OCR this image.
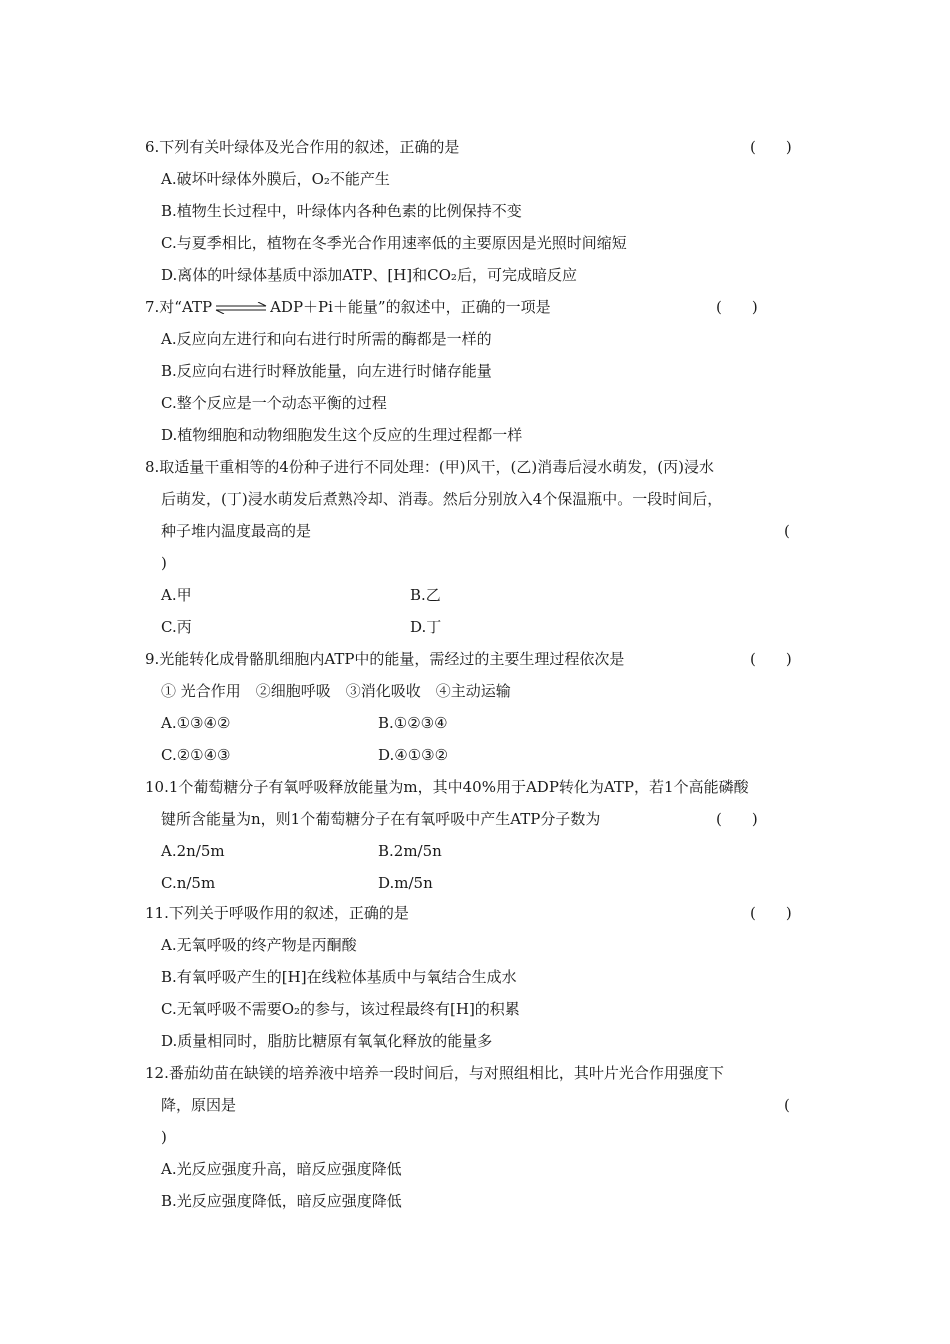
6.下列有关叶绿体及光合作用的叙述，正确的是	(　　)
A.破坏叶绿体外膜后，O₂不能产生
B.植物生长过程中，叶绿体内各种色素的比例保持不变
C.与夏季相比，植物在冬季光合作用速率低的主要原因是光照时间缩短
D.离体的叶绿体基质中添加ATP、[H]和CO₂后，可完成暗反应
7.对“ATP	ADP＋Pi＋能量”的叙述中，正确的一项是	(　　)
A.反应向左进行和向右进行时所需的酶都是一样的
B.反应向右进行时释放能量，向左进行时储存能量
C.整个反应是一个动态平衡的过程
D.植物细胞和动物细胞发生这个反应的生理过程都一样
8.取适量干重相等的4份种子进行不同处理：(甲)风干，(乙)消毒后浸水萌发，(丙)浸水
后萌发，(丁)浸水萌发后煮熟冷却、消毒。然后分别放入4个保温瓶中。一段时间后，
种子堆内温度最高的是	(
)
A.甲	B.乙
C.丙	D.丁
9.光能转化成骨骼肌细胞内ATP中的能量，需经过的主要生理过程依次是	(　　)
① 光合作用　②细胞呼吸　③消化吸收　④主动运输
A.①③④②	B.①②③④
C.②①④③	D.④①③②
10.1个葡萄糖分子有氧呼吸释放能量为m，其中40%用于ADP转化为ATP，若1个高能磷酸
键所含能量为n，则1个葡萄糖分子在有氧呼吸中产生ATP分子数为	(　　)
A.2n/5m	B.2m/5n
C.n/5m	D.m/5n
11.下列关于呼吸作用的叙述，正确的是	(　　)
A.无氧呼吸的终产物是丙酮酸
B.有氧呼吸产生的[H]在线粒体基质中与氧结合生成水
C.无氧呼吸不需要O₂的参与，该过程最终有[H]的积累
D.质量相同时，脂肪比糖原有氧氧化释放的能量多
12.番茄幼苗在缺镁的培养液中培养一段时间后，与对照组相比，其叶片光合作用强度下
降，原因是	(
)
A.光反应强度升高，暗反应强度降低
B.光反应强度降低，暗反应强度降低
